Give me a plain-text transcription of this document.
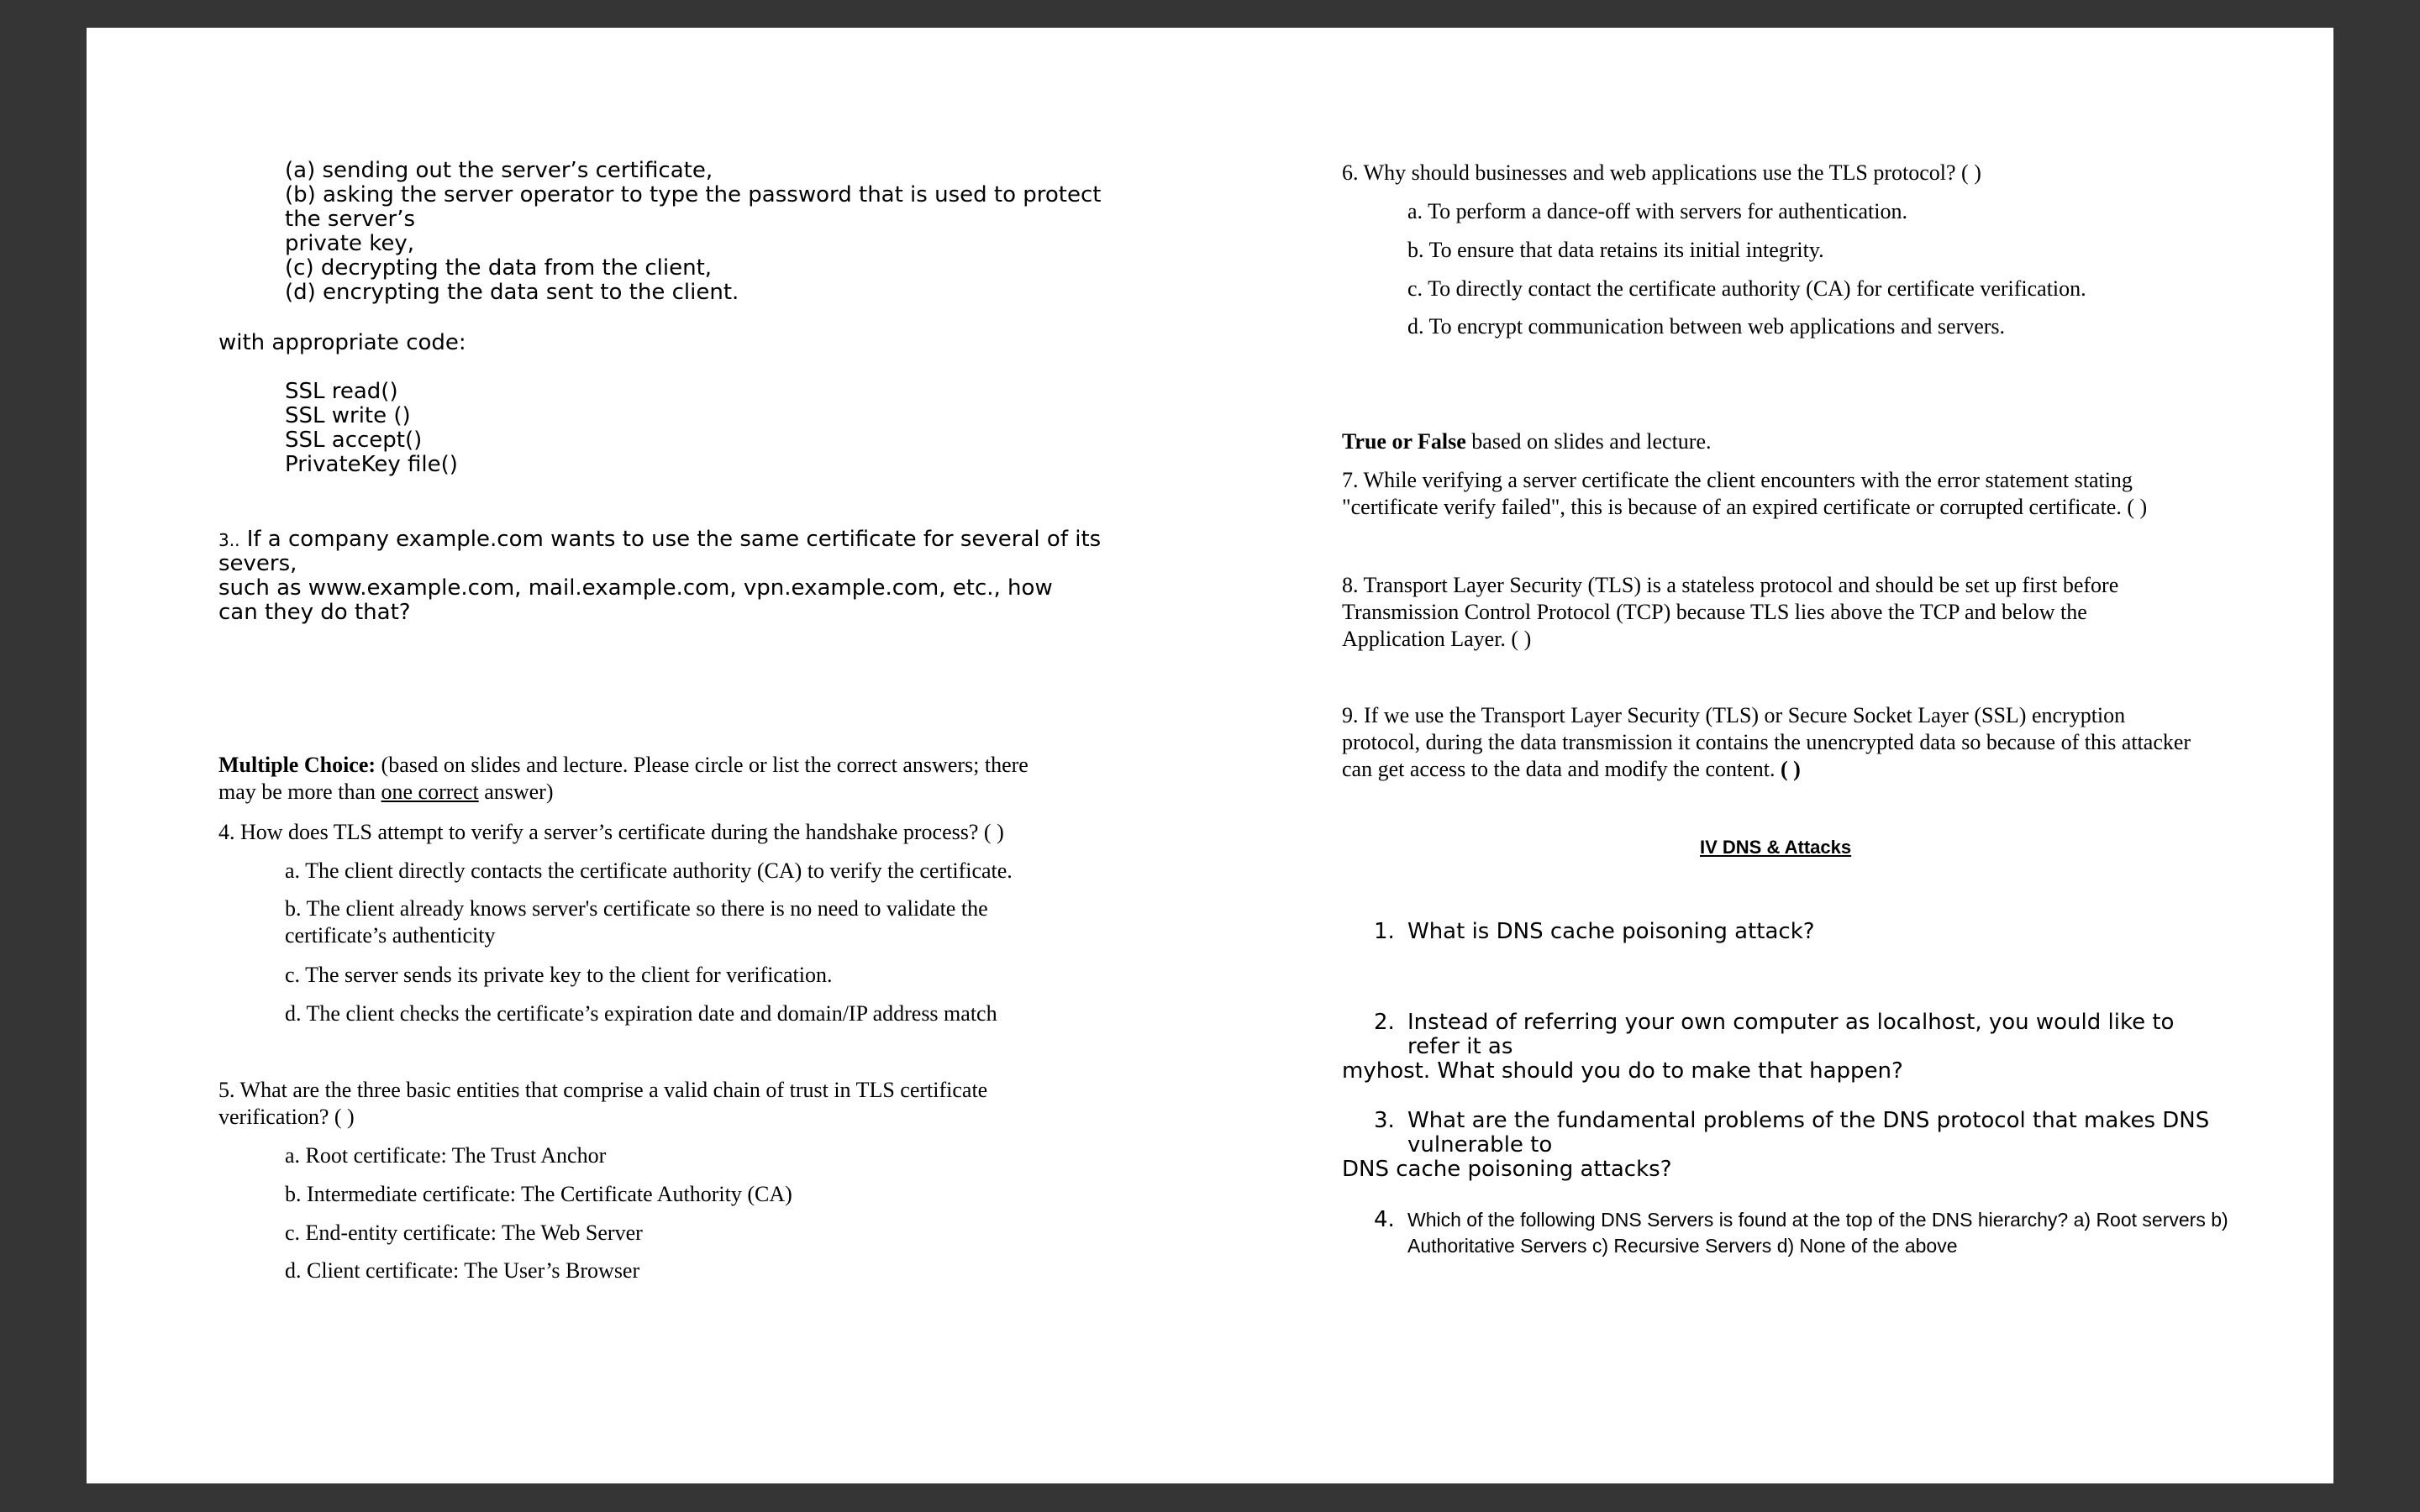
(a) sending out the server’s certificate,

(b) asking the server operator to type the password that is used to protect

the server’s

private key,

(c) decrypting the data from the client,

(d) encrypting the data sent to the client.

with appropriate code:

SSL read()

SSL write ()

SSL accept()

PrivateKey file()

3.. If a company example.com wants to use the same certificate for several of its

severs,

such as www.example.com, mail.example.com, vpn.example.com, etc., how

can they do that?

Multiple Choice: (based on slides and lecture. Please circle or list the correct answers; there

may be more than one correct answer)

4. How does TLS attempt to verify a server’s certificate during the handshake process? ( )

a. The client directly contacts the certificate authority (CA) to verify the certificate.

b. The client already knows server's certificate so there is no need to validate the

certificate’s authenticity

c. The server sends its private key to the client for verification.

d. The client checks the certificate’s expiration date and domain/IP address match

5. What are the three basic entities that comprise a valid chain of trust in TLS certificate

verification? ( )

a. Root certificate: The Trust Anchor

b. Intermediate certificate: The Certificate Authority (CA)

c. End-entity certificate: The Web Server

d. Client certificate: The User’s Browser

6. Why should businesses and web applications use the TLS protocol? ( )

a. To perform a dance-off with servers for authentication.

b. To ensure that data retains its initial integrity.

c. To directly contact the certificate authority (CA) for certificate verification.

d. To encrypt communication between web applications and servers.

True or False based on slides and lecture.

7. While verifying a server certificate the client encounters with the error statement stating

"certificate verify failed", this is because of an expired certificate or corrupted certificate. ( )

8. Transport Layer Security (TLS) is a stateless protocol and should be set up first before

Transmission Control Protocol (TCP) because TLS lies above the TCP and below the

Application Layer. ( )

9. If we use the Transport Layer Security (TLS) or Secure Socket Layer (SSL) encryption

protocol, during the data transmission it contains the unencrypted data so because of this attacker

can get access to the data and modify the content. ( )

IV DNS & Attacks

1. What is DNS cache poisoning attack?

2. Instead of referring your own computer as localhost, you would like to

refer it as

myhost. What should you do to make that happen?

3. What are the fundamental problems of the DNS protocol that makes DNS

vulnerable to

DNS cache poisoning attacks?

4. Which of the following DNS Servers is found at the top of the DNS hierarchy? a) Root servers b)

Authoritative Servers c) Recursive Servers d) None of the above
